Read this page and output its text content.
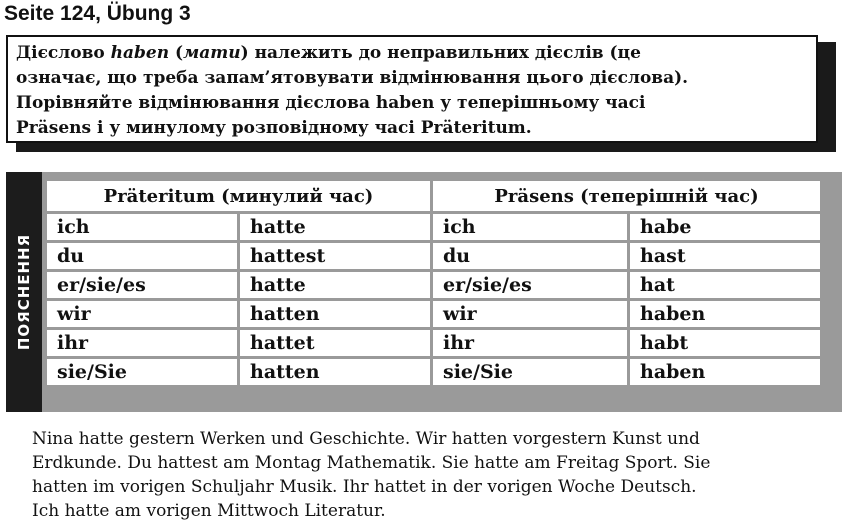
Seite 124, Übung 3

Дієслово haben (мати) належить до неправильних дієслів (це

означає, що треба запам’ятовувати відмінювання цього дієслова).

Порівняйте відмінювання дієслова haben у теперішньому часі

Präsens і у минулому розповідному часі Präteritum.

ПОЯСНЕННЯ
Präteritum (минулий час)		Präsens (теперішній час)	
ich	hatte	ich	habe
du	hattest	du	hast
er/sie/es	hatte	er/sie/es	hat
wir	hatten	wir	haben
ihr	hattet	ihr	habt
sie/Sie	hatten	sie/Sie	haben
Nina hatte gestern Werken und Geschichte. Wir hatten vorgestern Kunst und
Erdkunde. Du hattest am Montag Mathematik. Sie hatte am Freitag Sport. Sie
hatten im vorigen Schuljahr Musik. Ihr hattet in der vorigen Woche Deutsch.
Ich hatte am vorigen Mittwoch Literatur.
